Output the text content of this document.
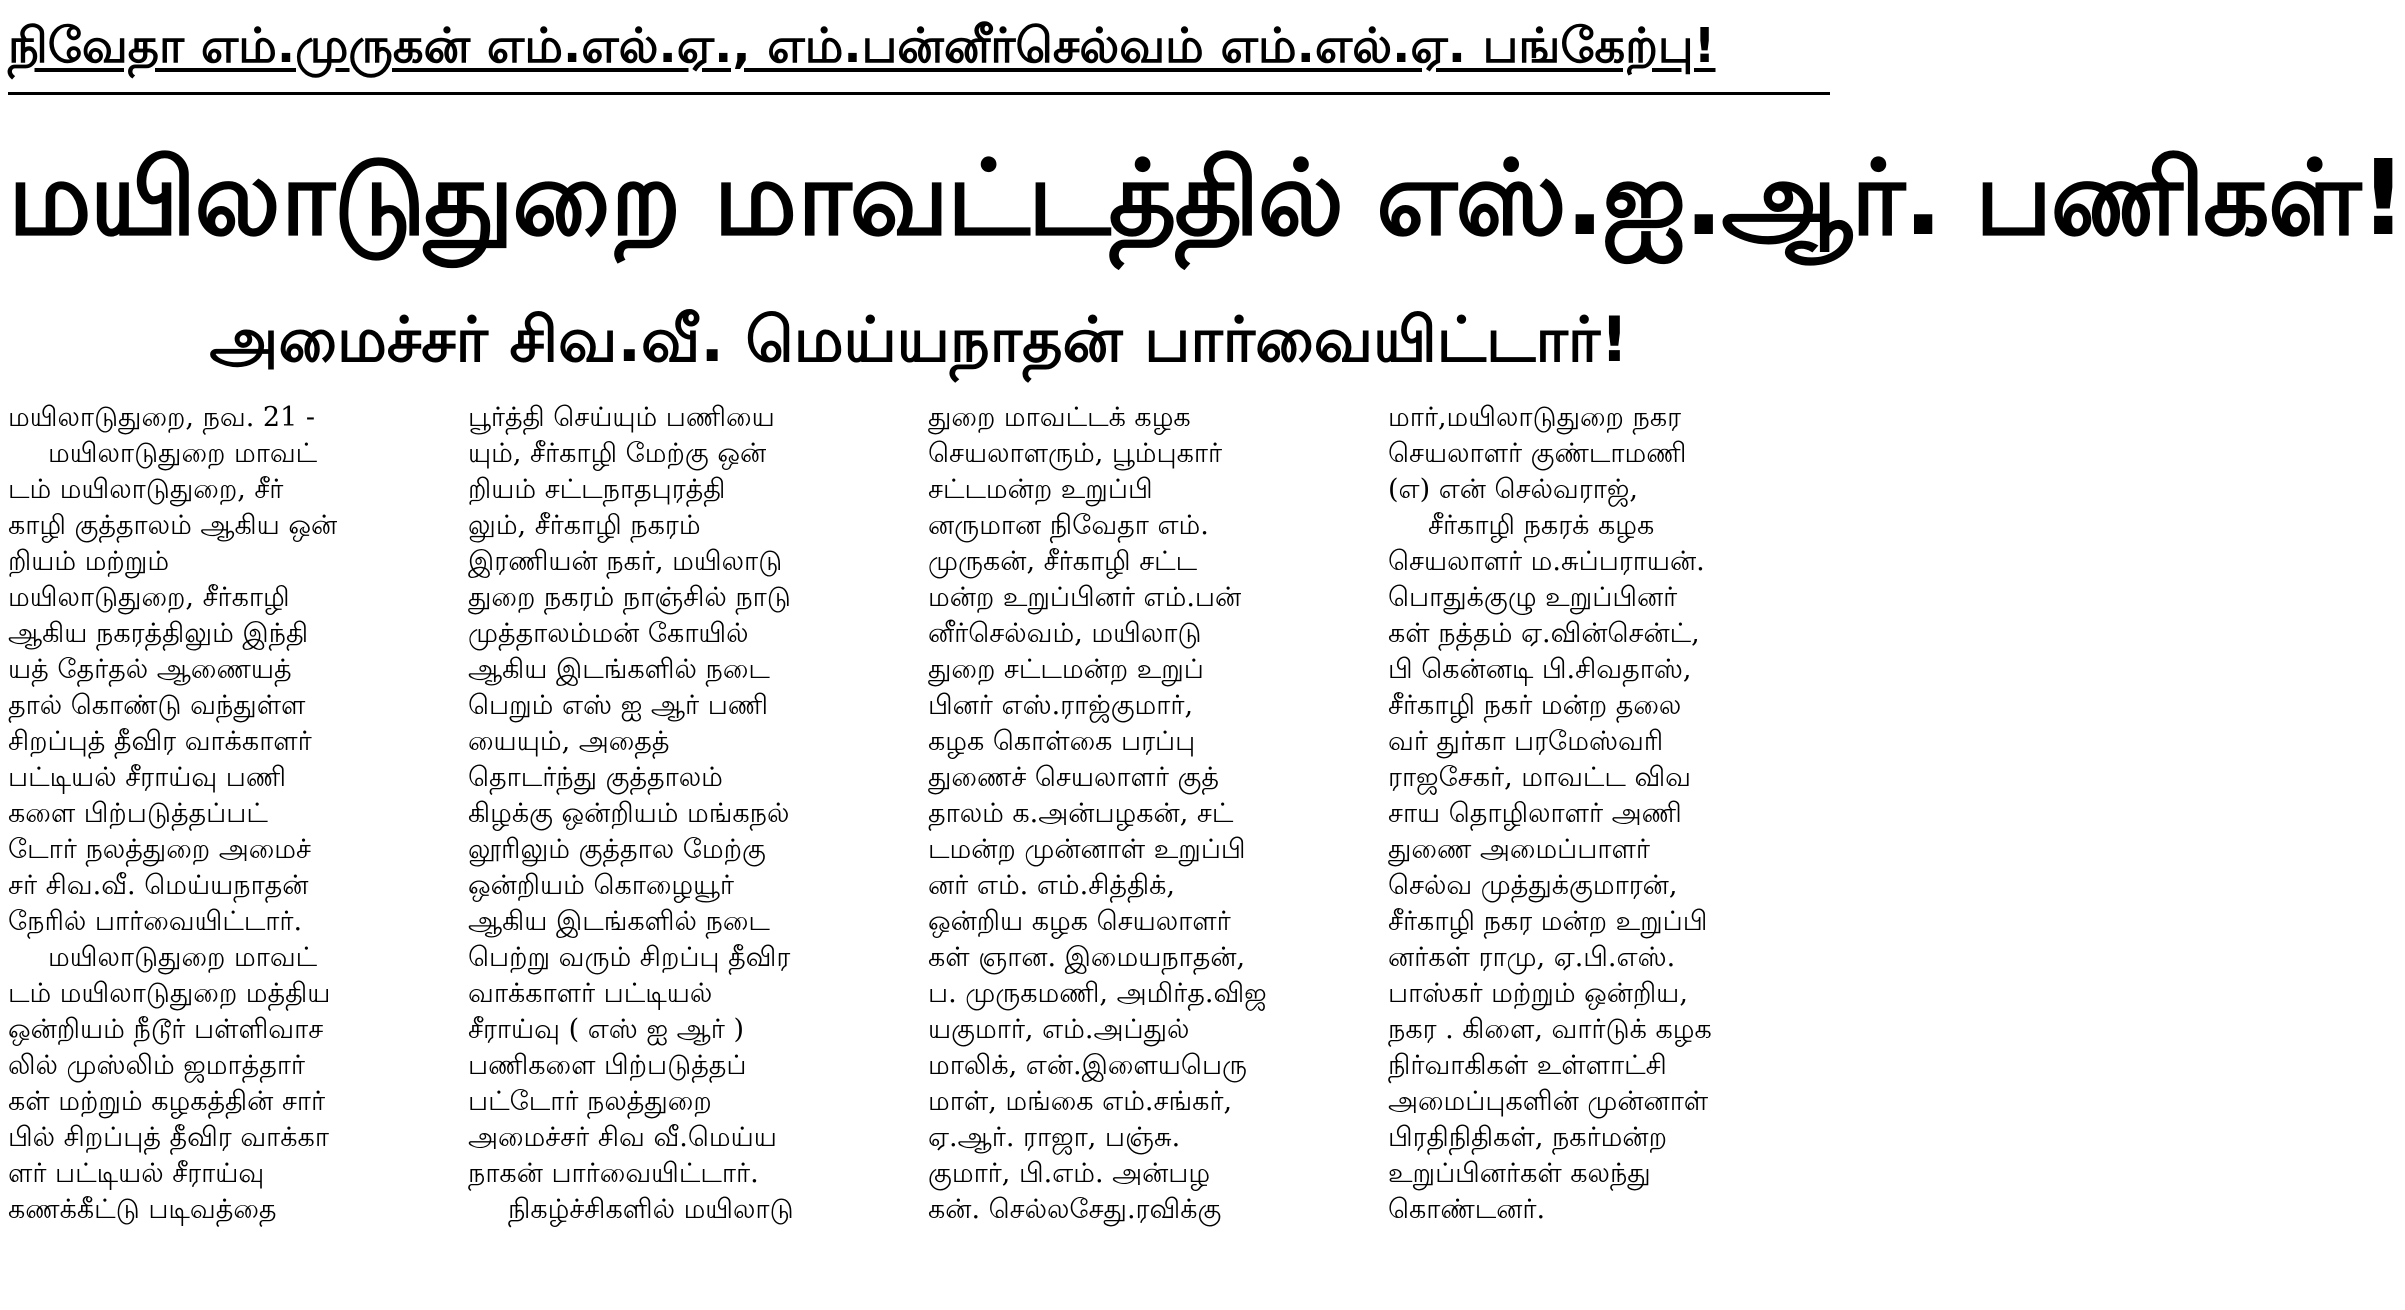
நிவேதா எம்.முருகன் எம்.எல்.ஏ., எம்.பன்னீர்செல்வம் எம்.எல்.ஏ. பங்கேற்பு!
மயிலாடுதுறை மாவட்டத்தில் எஸ்.ஐ.ஆர். பணிகள்!
அமைச்சர் சிவ.வீ. மெய்யநாதன் பார்வையிட்டார்!

மயிலாடுதுறை, நவ. 21 -

மயிலாடுதுறை மாவட்

டம் மயிலாடுதுறை, சீர்

காழி குத்தாலம் ஆகிய ஒன்

றியம் மற்றும்

மயிலாடுதுறை, சீர்காழி

ஆகிய நகரத்திலும் இந்தி

யத் தேர்தல் ஆணையத்

தால் கொண்டு வந்துள்ள

சிறப்புத் தீவிர வாக்காளர்

பட்டியல் சீராய்வு பணி

களை பிற்படுத்தப்பட்

டோர் நலத்துறை அமைச்

சர் சிவ.வீ. மெய்யநாதன்

நேரில் பார்வையிட்டார்.

மயிலாடுதுறை மாவட்

டம் மயிலாடுதுறை மத்திய

ஒன்றியம் நீடூர் பள்ளிவாச

லில் முஸ்லிம் ஜமாத்தார்

கள் மற்றும் கழகத்தின் சார்

பில் சிறப்புத் தீவிர வாக்கா

ளர் பட்டியல் சீராய்வு

கணக்கீட்டு படிவத்தை

பூர்த்தி செய்யும் பணியை

யும், சீர்காழி மேற்கு ஒன்

றியம் சட்டநாதபுரத்தி

லும், சீர்காழி நகரம்

இரணியன் நகர், மயிலாடு

துறை நகரம் நாஞ்சில் நாடு

முத்தாலம்மன் கோயில்

ஆகிய இடங்களில் நடை

பெறும் எஸ் ஐ ஆர் பணி

யையும், அதைத்

தொடர்ந்து குத்தாலம்

கிழக்கு ஒன்றியம் மங்கநல்

லூரிலும் குத்தால மேற்கு

ஒன்றியம் கொழையூர்

ஆகிய இடங்களில் நடை

பெற்று வரும் சிறப்பு தீவிர

வாக்காளர் பட்டியல்

சீராய்வு ( எஸ் ஐ ஆர் )

பணிகளை பிற்படுத்தப்

பட்டோர் நலத்துறை

அமைச்சர் சிவ வீ.மெய்ய

நாகன் பார்வையிட்டார்.

நிகழ்ச்சிகளில் மயிலாடு

துறை மாவட்டக் கழக

செயலாளரும், பூம்புகார்

சட்டமன்ற உறுப்பி

னருமான நிவேதா எம்.

முருகன், சீர்காழி சட்ட

மன்ற உறுப்பினர் எம்.பன்

னீர்செல்வம், மயிலாடு

துறை சட்டமன்ற உறுப்

பினர் எஸ்.ராஜ்குமார்,

கழக கொள்கை பரப்பு

துணைச் செயலாளர் குத்

தாலம் க.அன்பழகன், சட்

டமன்ற முன்னாள் உறுப்பி

னர் எம். எம்.சித்திக்,

ஒன்றிய கழக செயலாளர்

கள் ஞான. இமையநாதன்,

ப. முருகமணி, அமிர்த.விஜ

யகுமார், எம்.அப்துல்

மாலிக், என்.இளையபெரு

மாள், மங்கை எம்.சங்கர்,

ஏ.ஆர். ராஜா, பஞ்சு.

குமார், பி.எம். அன்பழ

கன். செல்லசேது.ரவிக்கு

மார்,மயிலாடுதுறை நகர

செயலாளர் குண்டாமணி

(எ) என் செல்வராஜ்,

சீர்காழி நகரக் கழக

செயலாளர் ம.சுப்பராயன்.

பொதுக்குழு உறுப்பினர்

கள் நத்தம் ஏ.வின்சென்ட்,

பி கென்னடி பி.சிவதாஸ்,

சீர்காழி நகர் மன்ற தலை

வர் துர்கா பரமேஸ்வரி

ராஜசேகர், மாவட்ட விவ

சாய தொழிலாளர் அணி

துணை அமைப்பாளர்

செல்வ முத்துக்குமாரன்,

சீர்காழி நகர மன்ற உறுப்பி

னர்கள் ராமு, ஏ.பி.எஸ்.

பாஸ்கர் மற்றும் ஒன்றிய,

நகர . கிளை, வார்டுக் கழக

நிர்வாகிகள் உள்ளாட்சி

அமைப்புகளின் முன்னாள்

பிரதிநிதிகள், நகர்மன்ற

உறுப்பினர்கள் கலந்து

கொண்டனர்.
